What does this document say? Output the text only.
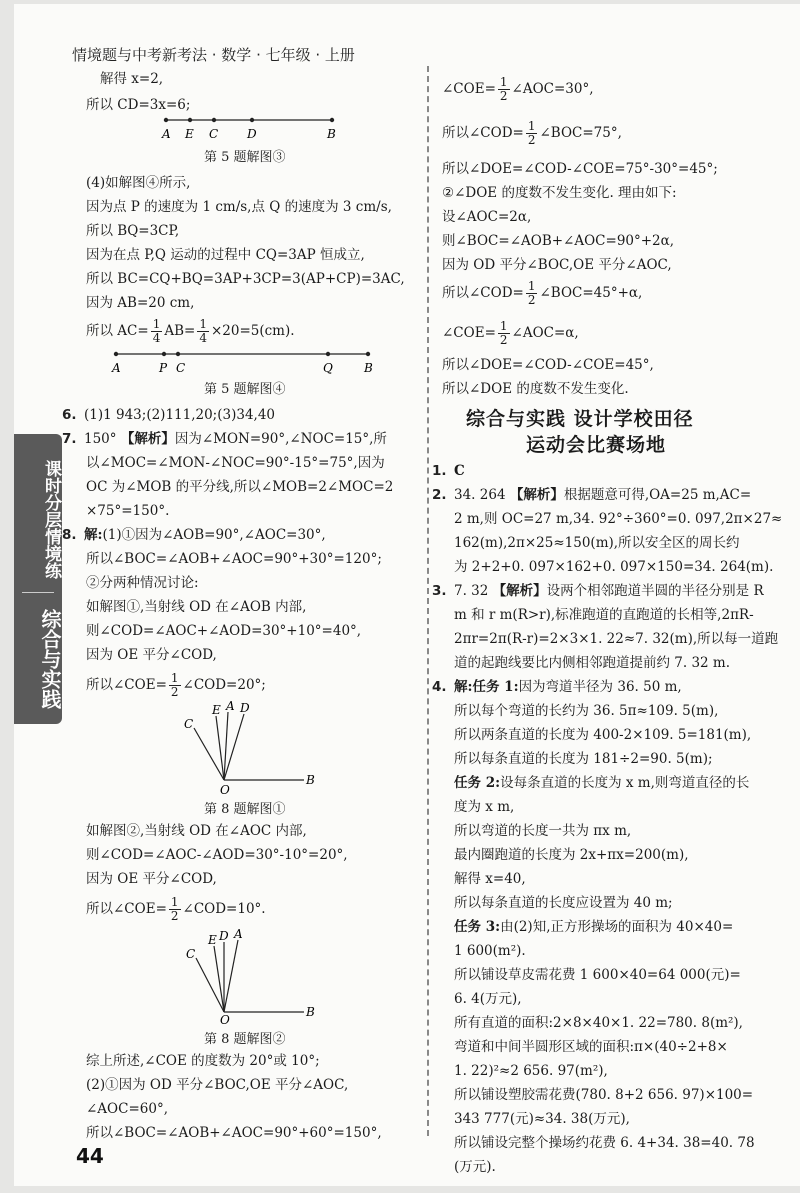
情境题与中考新考法 · 数学 · 七年级 · 上册
课时分层情境练
综合与实践
解得 x=2,
所以 CD=3x=6;
A E C D	B
第 5 题解图③
(4)如解图④所示,
因为点 P 的速度为 1 cm/s,点 Q 的速度为 3 cm/s,
所以 BQ=3CP,
因为在点 P,Q 运动的过程中 CQ=3AP 恒成立,
所以 BC=CQ+BQ=3AP+3CP=3(AP+CP)=3AC,
因为 AB=20 cm,
所以 $AC= \frac{1}{4} AB= \frac{1}{4} \times 20=5(cm)$.
A	P C	Q	B
第 5 题解图④
6. (1)1 943;(2)111,20;(3)34,40
7. 150° 【解析】因为∠MON=90°,∠NOC=15°,所
以∠MOC=∠MON-∠NOC=90°-15°=75°,因为
OC 为∠MOB 的平分线,所以∠MOB=2∠MOC=2
×75°=150°.
8. 解:(1)①因为∠AOB=90°,∠AOC=30°,
所以∠BOC=∠AOB+∠AOC=90°+30°=120°;
②分两种情况讨论:
如解图①,当射线 OD 在∠AOB 内部,
则∠COD=∠AOC+∠AOD=30°+10°=40°,
因为 OE 平分∠COD,
所以∠COE= $\frac{1}{2}$ ∠COD=20°;
C
E A D
O
B
第 8 题解图①
如解图②,当射线 OD 在∠AOC 内部,
则∠COD=∠AOC-∠AOD=30°-10°=20°,
因为 OE 平分∠COD,
所以∠COE= $\frac{1}{2}$ ∠COD=10°.
C
E D A
O
B
第 8 题解图②
综上所述,∠COE 的度数为 20°或 10°;
(2)①因为 OD 平分∠BOC,OE 平分∠AOC,
∠AOC=60°,
所以∠BOC=∠AOB+∠AOC=90°+60°=150°,
44
∠COE= $\frac{1}{2}$ ∠AOC=30°,
所以∠COD= $\frac{1}{2}$ ∠BOC=75°,
所以∠DOE=∠COD-∠COE=75°-30°=45°;
②∠DOE 的度数不发生变化. 理由如下:
设∠AOC=2α,
则∠BOC=∠AOB+∠AOC=90°+2α,
因为 OD 平分∠BOC,OE 平分∠AOC,
所以∠COD= $\frac{1}{2}$ ∠BOC=45°+α,
∠COE= $\frac{1}{2}$ ∠AOC=α,
所以∠DOE=∠COD-∠COE=45°,
所以∠DOE 的度数不发生变化.
综合与实践 设计学校田径
运动会比赛场地
1. C
2. 34. 264 【解析】根据题意可得,OA=25 m,AC=
2 m,则 OC=27 m,34. 92°÷360°=0. 097,2π×27≈
162(m),2π×25≈150(m),所以安全区的周长约
为 2+2+0. 097×162+0. 097×150=34. 264(m).
3. 7. 32 【解析】设两个相邻跑道半圆的半径分别是 R
m 和 r m(R>r),标准跑道的直跑道的长相等,2πR-
2πr=2π(R-r)=2×3×1. 22≈7. 32(m),所以每一道跑
道的起跑线要比内侧相邻跑道提前约 7. 32 m.
4. 解:任务 1:因为弯道半径为 36. 50 m,
所以每个弯道的长约为 36. 5π≈109. 5(m),
所以两条直道的长度为 400-2×109. 5=181(m),
所以每条直道的长度为 181÷2=90. 5(m);
任务 2:设每条直道的长度为 x m,则弯道直径的长
度为 x m,
所以弯道的长度一共为 πx m,
最内圈跑道的长度为 2x+πx=200(m),
解得 x=40,
所以每条直道的长度应设置为 40 m;
任务 3:由(2)知,正方形操场的面积为 40×40=
1 600(m²).
所以铺设草皮需花费 1 600×40=64 000(元)=
6. 4(万元),
所有直道的面积:2×8×40×1. 22=780. 8(m²),
弯道和中间半圆形区域的面积:π×(40÷2+8×
1. 22)²≈2 656. 97(m²),
所以铺设塑胶需花费(780. 8+2 656. 97)×100=
343 777(元)≈34. 38(万元),
所以铺设完整个操场约花费 6. 4+34. 38=40. 78
(万元).
